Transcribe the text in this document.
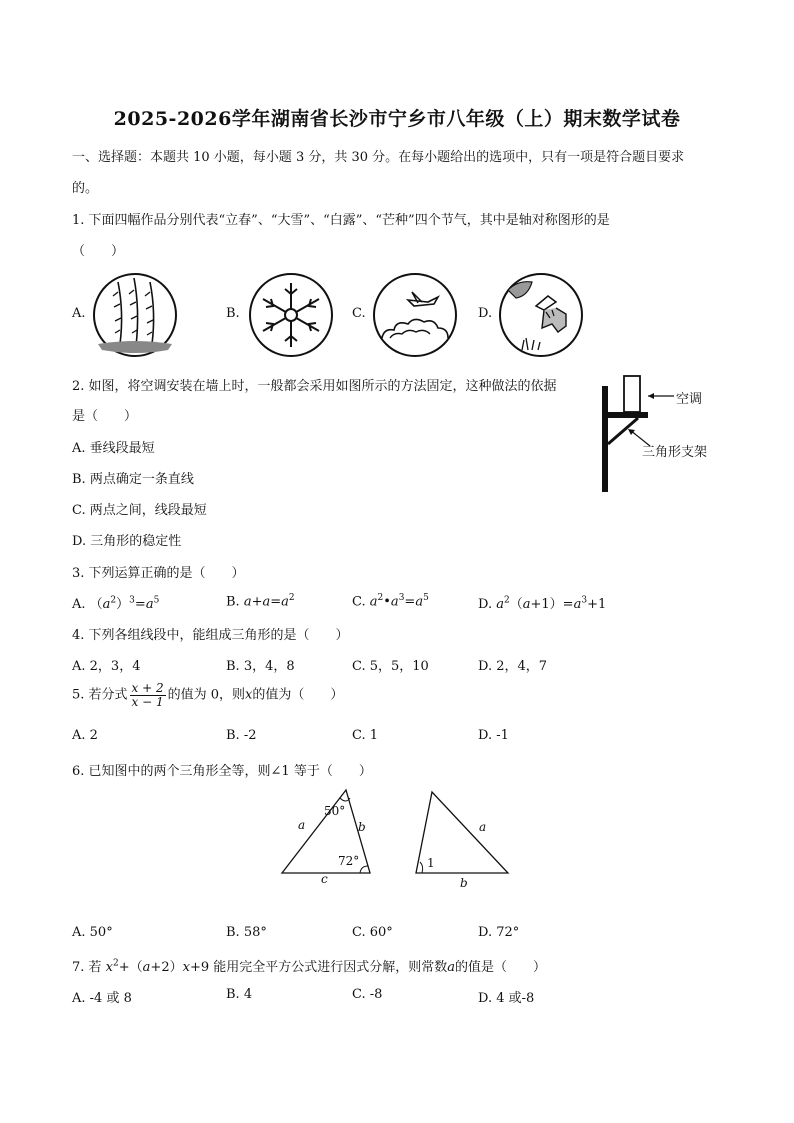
2025-2026学年湖南省长沙市宁乡市八年级（上）期末数学试卷
一、选择题：本题共 10 小题，每小题 3 分，共 30 分。在每小题给出的选项中，只有一项是符合题目要求
的。
1. 下面四幅作品分别代表“立春”、“大雪”、“白露”、“芒种”四个节气，其中是轴对称图形的是
（　　）
A.	B.	C.	D.
2. 如图，将空调安装在墙上时，一般都会采用如图所示的方法固定，这种做法的依据
是（　　）
A. 垂线段最短
B. 两点确定一条直线
C. 两点之间，线段最短
D. 三角形的稳定性
空调
三角形支架
3. 下列运算正确的是（　　）
A. $(a^2)^3=a^5$	B. $a+a=a^2$	C. $a^2•a^3=a^5$	D. $a^2(a+1)=a^3+1$
4. 下列各组线段中，能组成三角形的是（　　）
A. 2，3，4	B. 3，4，8	C. 5，5，10	D. 2，4，7
5. 若分式 $\frac{x + 2}{x - 1}$ 的值为 0，则x的值为（　　）
A. 2	B. -2	C. 1	D. -1
6. 已知图中的两个三角形全等，则∠1 等于（　　）
50°
72°
a	b
c
1
a
b
A. 50°	B. 58°	C. 60°	D. 72°
7. 若 $x^2+(a+2)x+9$ 能用完全平方公式进行因式分解，则常数a的值是（　　）
A. -4 或 8	B. 4	C. -8	D. 4 或-8
